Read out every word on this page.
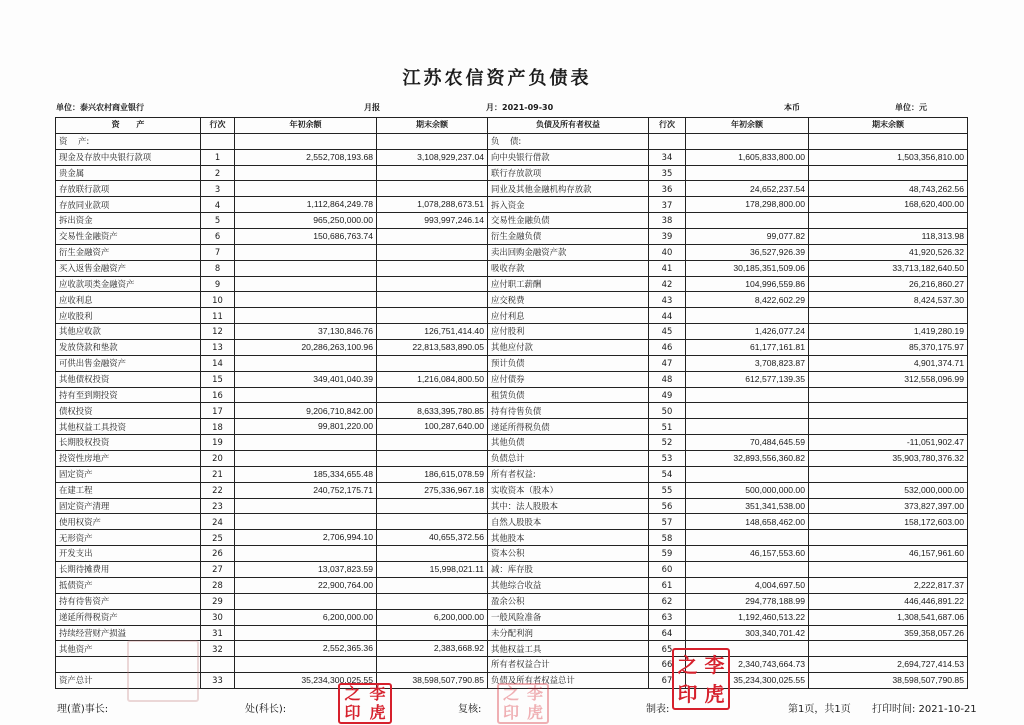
江苏农信资产负债表
单位：泰兴农村商业银行	月报	月：2021-09-30	本币	单位：元
资      产	行次	年初余额	期末余额	负债及所有者权益	行次	年初余额	期末余额
资    产:				负    债:			
现金及存放中央银行款项	1	2,552,708,193.68	3,108,929,237.04	向中央银行借款	34	1,605,833,800.00	1,503,356,810.00
贵金属	2			联行存放款项	35		
存放联行款项	3			同业及其他金融机构存放款	36	24,652,237.54	48,743,262.56
存放同业款项	4	1,112,864,249.78	1,078,288,673.51	拆入资金	37	178,298,800.00	168,620,400.00
拆出资金	5	965,250,000.00	993,997,246.14	交易性金融负债	38		
交易性金融资产	6	150,686,763.74		衍生金融负债	39	99,077.82	118,313.98
衍生金融资产	7			卖出回购金融资产款	40	36,527,926.39	41,920,526.32
买入返售金融资产	8			吸收存款	41	30,185,351,509.06	33,713,182,640.50
应收款项类金融资产	9			应付职工薪酬	42	104,996,559.86	26,216,860.27
应收利息	10			应交税费	43	8,422,602.29	8,424,537.30
应收股利	11			应付利息	44		
其他应收款	12	37,130,846.76	126,751,414.40	应付股利	45	1,426,077.24	1,419,280.19
发放贷款和垫款	13	20,286,263,100.96	22,813,583,890.05	其他应付款	46	61,177,161.81	85,370,175.97
可供出售金融资产	14			预计负债	47	3,708,823.87	4,901,374.71
其他债权投资	15	349,401,040.39	1,216,084,800.50	应付债券	48	612,577,139.35	312,558,096.99
持有至到期投资	16			租赁负债	49		
债权投资	17	9,206,710,842.00	8,633,395,780.85	持有待售负债	50		
其他权益工具投资	18	99,801,220.00	100,287,640.00	递延所得税负债	51		
长期股权投资	19			其他负债	52	70,484,645.59	-11,051,902.47
投资性房地产	20			负债总计	53	32,893,556,360.82	35,903,780,376.32
固定资产	21	185,334,655.48	186,615,078.59	所有者权益:	54		
在建工程	22	240,752,175.71	275,336,967.18	实收资本（股本）	55	500,000,000.00	532,000,000.00
固定资产清理	23			其中：法人股股本	56	351,341,538.00	373,827,397.00
使用权资产	24			自然人股股本	57	148,658,462.00	158,172,603.00
无形资产	25	2,706,994.10	40,655,372.56	其他股本	58		
开发支出	26			资本公积	59	46,157,553.60	46,157,961.60
长期待摊费用	27	13,037,823.59	15,998,021.11	减：库存股	60		
抵债资产	28	22,900,764.00		其他综合收益	61	4,004,697.50	2,222,817.37
持有待售资产	29			盈余公积	62	294,778,188.99	446,446,891.22
递延所得税资产	30	6,200,000.00	6,200,000.00	一般风险准备	63	1,192,460,513.22	1,308,541,687.06
持续经营财产损溢	31			未分配利润	64	303,340,701.42	359,358,057.26
其他资产	32	2,552,365.36	2,383,668.92	其他权益工具	65		
				所有者权益合计	66	2,340,743,664.73	2,694,727,414.53
资产总计	33	35,234,300,025.55	38,598,507,790.85	负债及所有者权益总计	67	35,234,300,025.55	38,598,507,790.85
理(董)事长:	处(科长):	复核:	制表:	第1页，共1页 打印时间: 2021-10-21
之 李
印 虎
之 李
印 虎
之 李
印 虎
